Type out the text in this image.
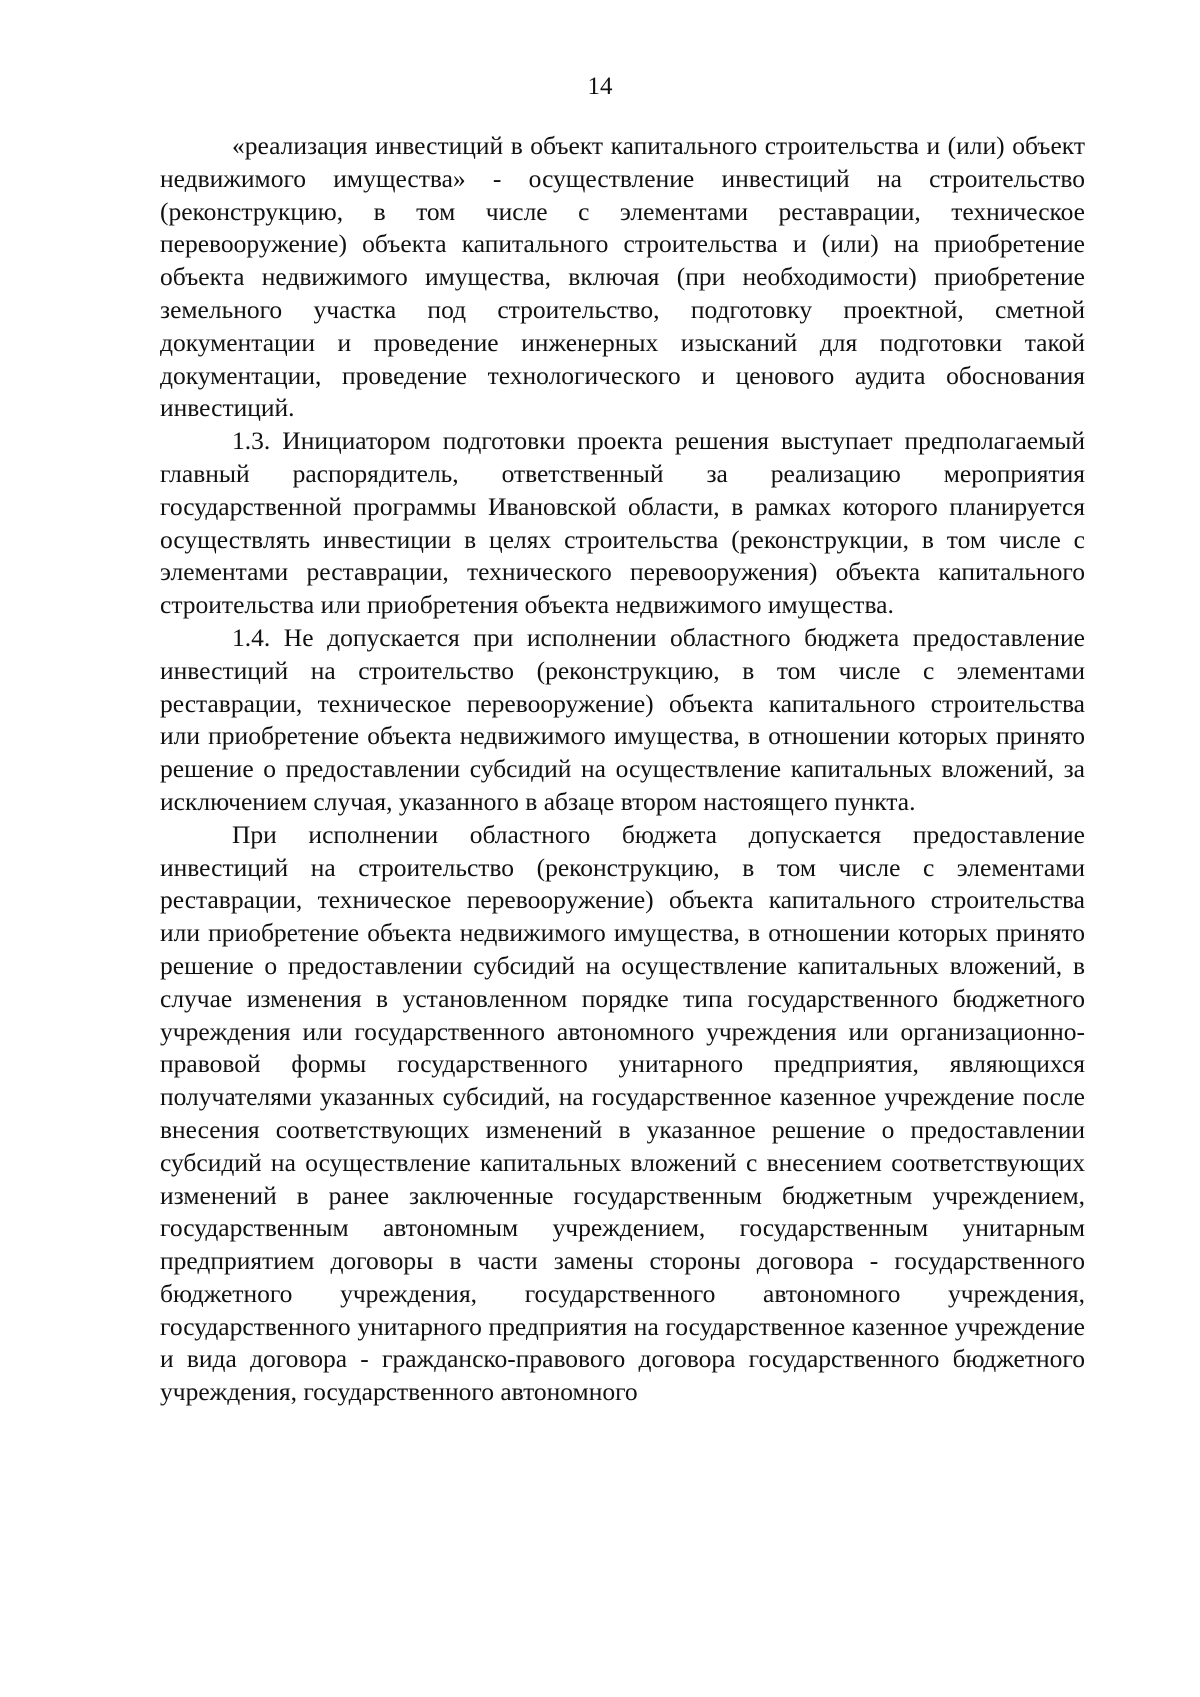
14

«реализация инвестиций в объект капитального строительства и (или) объект недвижимого имущества» - осуществление инвестиций на строительство (реконструкцию, в том числе с элементами реставрации, техническое перевооружение) объекта капитального строительства и (или) на приобретение объекта недвижимого имущества, включая (при необходимости) приобретение земельного участка под строительство, подготовку проектной, сметной документации и проведение инженерных изысканий для подготовки такой документации, проведение технологического и ценового аудита обоснования инвестиций.

1.3. Инициатором подготовки проекта решения выступает предполагаемый главный распорядитель, ответственный за реализацию мероприятия государственной программы Ивановской области, в рамках которого планируется осуществлять инвестиции в целях строительства (реконструкции, в том числе с элементами реставрации, технического перевооружения) объекта капитального строительства или приобретения объекта недвижимого имущества.

1.4. Не допускается при исполнении областного бюджета предоставление инвестиций на строительство (реконструкцию, в том числе с элементами реставрации, техническое перевооружение) объекта капитального строительства или приобретение объекта недвижимого имущества, в отношении которых принято решение о предоставлении субсидий на осуществление капитальных вложений, за исключением случая, указанного в абзаце втором настоящего пункта.

При исполнении областного бюджета допускается предоставление инвестиций на строительство (реконструкцию, в том числе с элементами реставрации, техническое перевооружение) объекта капитального строительства или приобретение объекта недвижимого имущества, в отношении которых принято решение о предоставлении субсидий на осуществление капитальных вложений, в случае изменения в установленном порядке типа государственного бюджетного учреждения или государственного автономного учреждения или организационно-правовой формы государственного унитарного предприятия, являющихся получателями указанных субсидий, на государственное казенное учреждение после внесения соответствующих изменений в указанное решение о предоставлении субсидий на осуществление капитальных вложений с внесением соответствующих изменений в ранее заключенные государственным бюджетным учреждением, государственным автономным учреждением, государственным унитарным предприятием договоры в части замены стороны договора - государственного бюджетного учреждения, государственного автономного учреждения, государственного унитарного предприятия на государственное казенное учреждение и вида договора - гражданско-правового договора государственного бюджетного учреждения, государственного автономного
